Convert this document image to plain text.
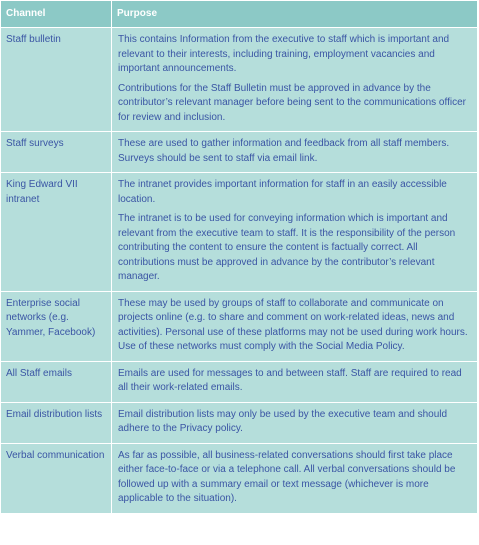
Channel	Purpose
Staff bulletin	This contains Information from the executive to staff which is important and relevant to their interests, including training, employment vacancies and important announcements.

Contributions for the Staff Bulletin must be approved in advance by the contributor’s relevant manager before being sent to the communications officer for review and inclusion.

Staff surveys	These are used to gather information and feedback from all staff members. Surveys should be sent to staff via email link.

King Edward VII intranet	The intranet provides important information for staff in an easily accessible location.

The intranet is to be used for conveying information which is important and relevant from the executive team to staff. It is the responsibility of the person contributing the content to ensure the content is factually correct. All contributions must be approved in advance by the contributor’s relevant manager.

Enterprise social networks (e.g. Yammer, Facebook)	These may be used by groups of staff to collaborate and communicate on projects online (e.g. to share and comment on work-related ideas, news and activities). Personal use of these platforms may not be used during work hours. Use of these networks must comply with the Social Media Policy.

All Staff emails	Emails are used for messages to and between staff. Staff are required to read all their work-related emails.

Email distribution lists	Email distribution lists may only be used by the executive team and should adhere to the Privacy policy.

Verbal communication	As far as possible, all business-related conversations should first take place either face-to-face or via a telephone call. All verbal conversations should be followed up with a summary email or text message (whichever is more applicable to the situation).
